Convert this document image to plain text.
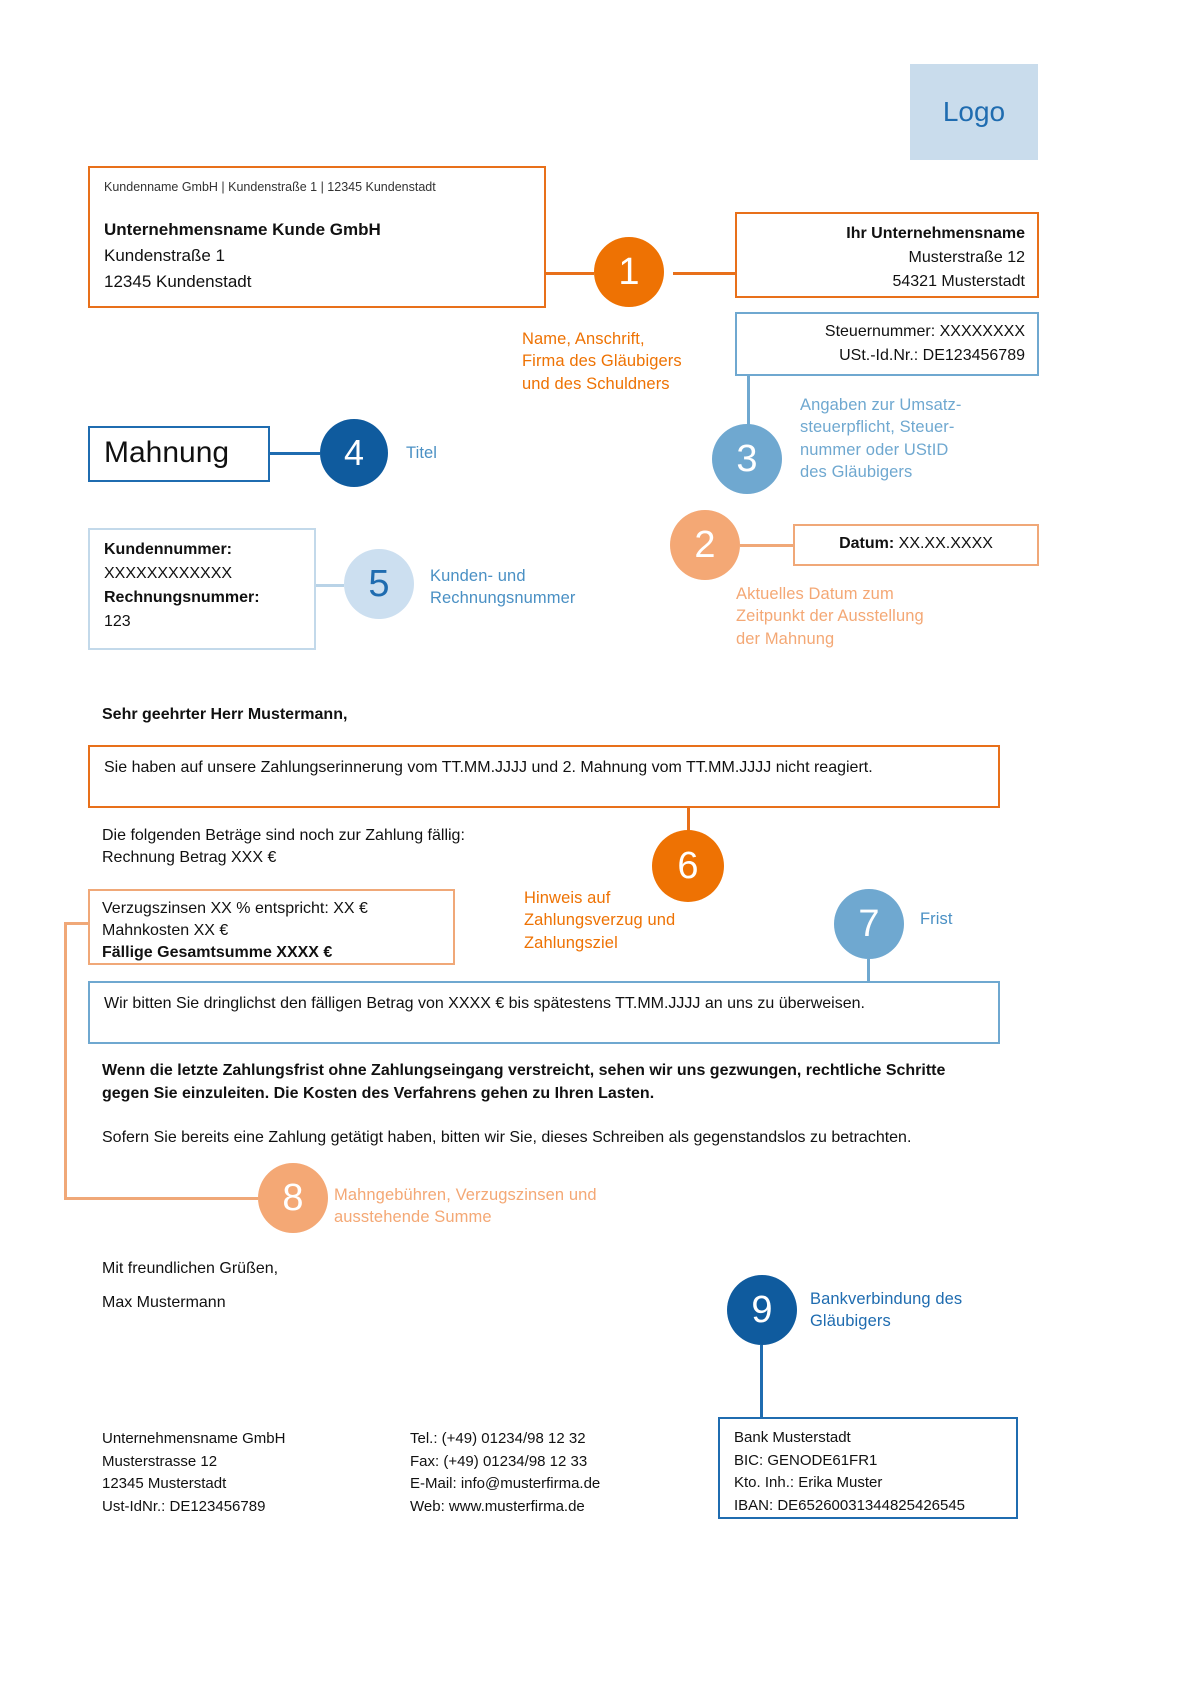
Logo
Kundenname GmbH | Kundenstraße 1 | 12345 Kundenstadt
Unternehmensname Kunde GmbH
Kundenstraße 1
12345 Kundenstadt
Ihr Unternehmensname
Musterstraße 12
54321 Musterstadt
1
Name, Anschrift,
Firma des Gläubigers
und des Schuldners
Steuernummer: XXXXXXXX
USt.-Id.Nr.: DE123456789
3
Angaben zur Umsatz-
steuerpflicht, Steuer-
nummer oder UStID
des Gläubigers
Mahnung	4	Titel
Datum: XX.XX.XXXX
2
Aktuelles Datum zum
Zeitpunkt der Ausstellung
der Mahnung
Kundennummer:
XXXXXXXXXXXX
Rechnungsnummer:
123
5 Kunden- und
Rechnungsnummer
Sehr geehrter Herr Mustermann,
Sie haben auf unsere Zahlungserinnerung vom TT.MM.JJJJ und 2. Mahnung vom TT.MM.JJJJ nicht reagiert.
Die folgenden Beträge sind noch zur Zahlung fällig:
Rechnung Betrag XXX €	6
Hinweis auf
Zahlungsverzug und
Zahlungsziel
Verzugszinsen XX % entspricht: XX €
Mahnkosten XX €
Fällige Gesamtsumme XXXX €
7 Frist
Wir bitten Sie dringlichst den fälligen Betrag von XXXX € bis spätestens TT.MM.JJJJ an uns zu überweisen.
Wenn die letzte Zahlungsfrist ohne Zahlungseingang verstreicht, sehen wir uns gezwungen, rechtliche Schritte gegen Sie einzuleiten. Die Kosten des Verfahrens gehen zu Ihren Lasten.
Sofern Sie bereits eine Zahlung getätigt haben, bitten wir Sie, dieses Schreiben als gegenstandslos zu betrachten.
8 Mahngebühren, Verzugszinsen und
ausstehende Summe
Mit freundlichen Grüßen,
Max Mustermann	9 Bankverbindung des
Gläubigers
Unternehmensname GmbH
Musterstrasse 12
12345 Musterstadt
Ust-IdNr.: DE123456789
Tel.: (+49) 01234/98 12 32
Fax: (+49) 01234/98 12 33
E-Mail: info@musterfirma.de
Web: www.musterfirma.de
Bank Musterstadt
BIC: GENODE61FR1
Kto. Inh.: Erika Muster
IBAN: DE65260031344825426545
